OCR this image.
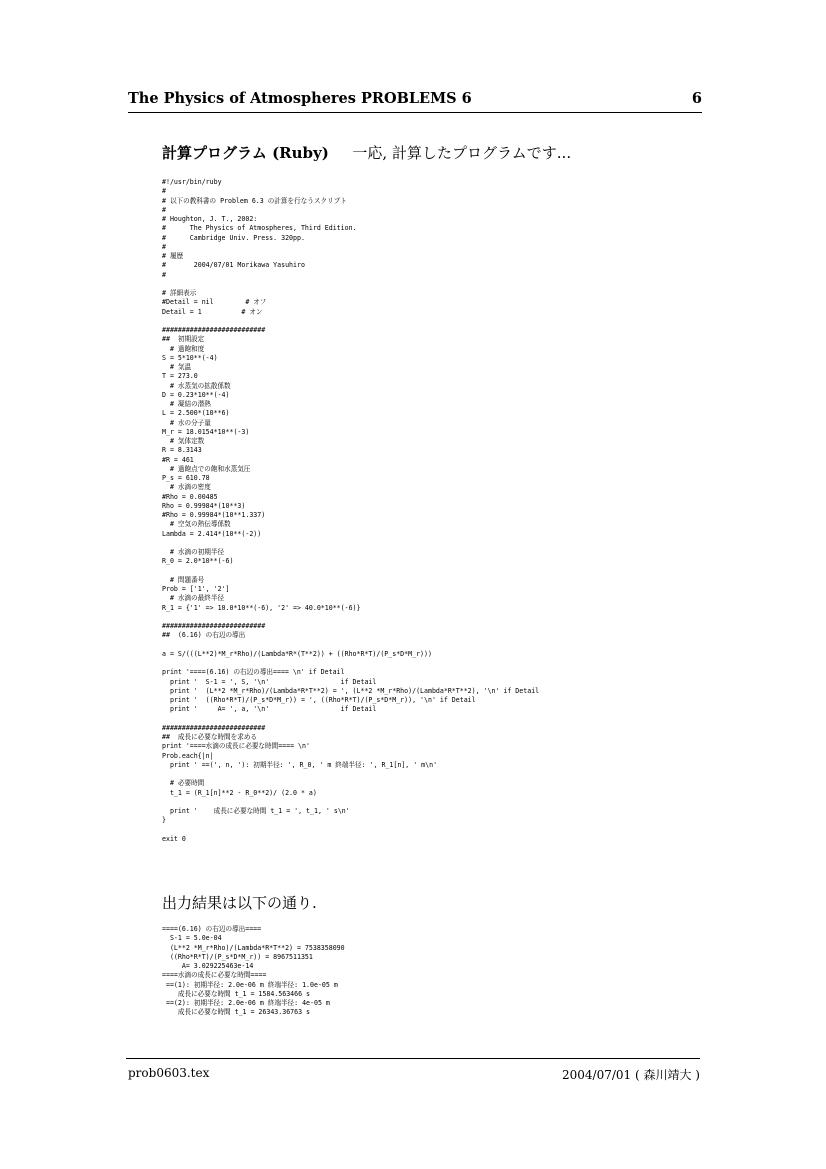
The Physics of Atmospheres PROBLEMS 6	6
計算プログラム (Ruby) 一応, 計算したプログラムです...
#!/usr/bin/ruby
#
# 以下の教科書の Problem 6.3 の計算を行なうスクリプト
#
# Houghton, J. T., 2002:
#      The Physics of Atmospheres, Third Edition.
#      Cambridge Univ. Press. 320pp.
#
# 履歴
#       2004/07/01 Morikawa Yasuhiro
#

# 詳細表示
#Detail = nil        # オフ
Detail = 1          # オン

##########################
##  初期設定
# 過飽和度
S = 5*10**(-4)
# 気温
T = 273.0
# 水蒸気の拡散係数
D = 0.23*10**(-4)
# 凝結の潜熱
L = 2.500*(10**6)
# 水の分子量
M_r = 18.0154*10**(-3)
# 気体定数
R = 8.3143
#R = 461
# 過飽点での飽和水蒸気圧
P_s = 610.78
# 水滴の密度
#Rho = 0.00485
Rho = 0.99984*(10**3)
#Rho = 0.99984*(10**1.337)
# 空気の熱伝導係数
Lambda = 2.414*(10**(-2))

# 水滴の初期半径
R_0 = 2.0*10**(-6)

# 問題番号
Prob = ['1', '2']
# 水滴の最終半径
R_1 = {'1' => 10.0*10**(-6), '2' => 40.0*10**(-6)}

##########################
##  (6.16) の右辺の導出

a = S/(((L**2)*M_r*Rho)/(Lambda*R*(T**2)) + ((Rho*R*T)/(P_s*D*M_r)))

print '====(6.16) の右辺の導出==== \n' if Detail
print '  S-1 = ', S, '\n'                  if Detail
print '  (L**2 *M_r*Rho)/(Lambda*R*T**2) = ', (L**2 *M_r*Rho)/(Lambda*R*T**2), '\n' if Detail
print '  ((Rho*R*T)/(P_s*D*M_r)) = ', ((Rho*R*T)/(P_s*D*M_r)), '\n' if Detail
print '     A= ', a, '\n'                  if Detail

##########################
##  成長に必要な時間を求める
print '====水滴の成長に必要な時間==== \n'
Prob.each{|n|
print ' ==(', n, '): 初期半径: ', R_0, ' m 終端半径: ', R_1[n], ' m\n'

# 必要時間
t_1 = (R_1[n]**2 - R_0**2)/ (2.0 * a)

print '    成長に必要な時間 t_1 = ', t_1, ' s\n'
}

exit 0
出力結果は以下の通り.
====(6.16) の右辺の導出====
S-1 = 5.0e-04
(L**2 *M_r*Rho)/(Lambda*R*T**2) = 7538358090
((Rho*R*T)/(P_s*D*M_r)) = 8967511351
A= 3.029225463e-14
====水滴の成長に必要な時間====
==(1): 初期半径: 2.0e-06 m 終端半径: 1.0e-05 m
成長に必要な時間 t_1 = 1584.563466 s
==(2): 初期半径: 2.0e-06 m 終端半径: 4e-05 m
成長に必要な時間 t_1 = 26343.36763 s
prob0603.tex	2004/07/01 ( 森川靖大 )
